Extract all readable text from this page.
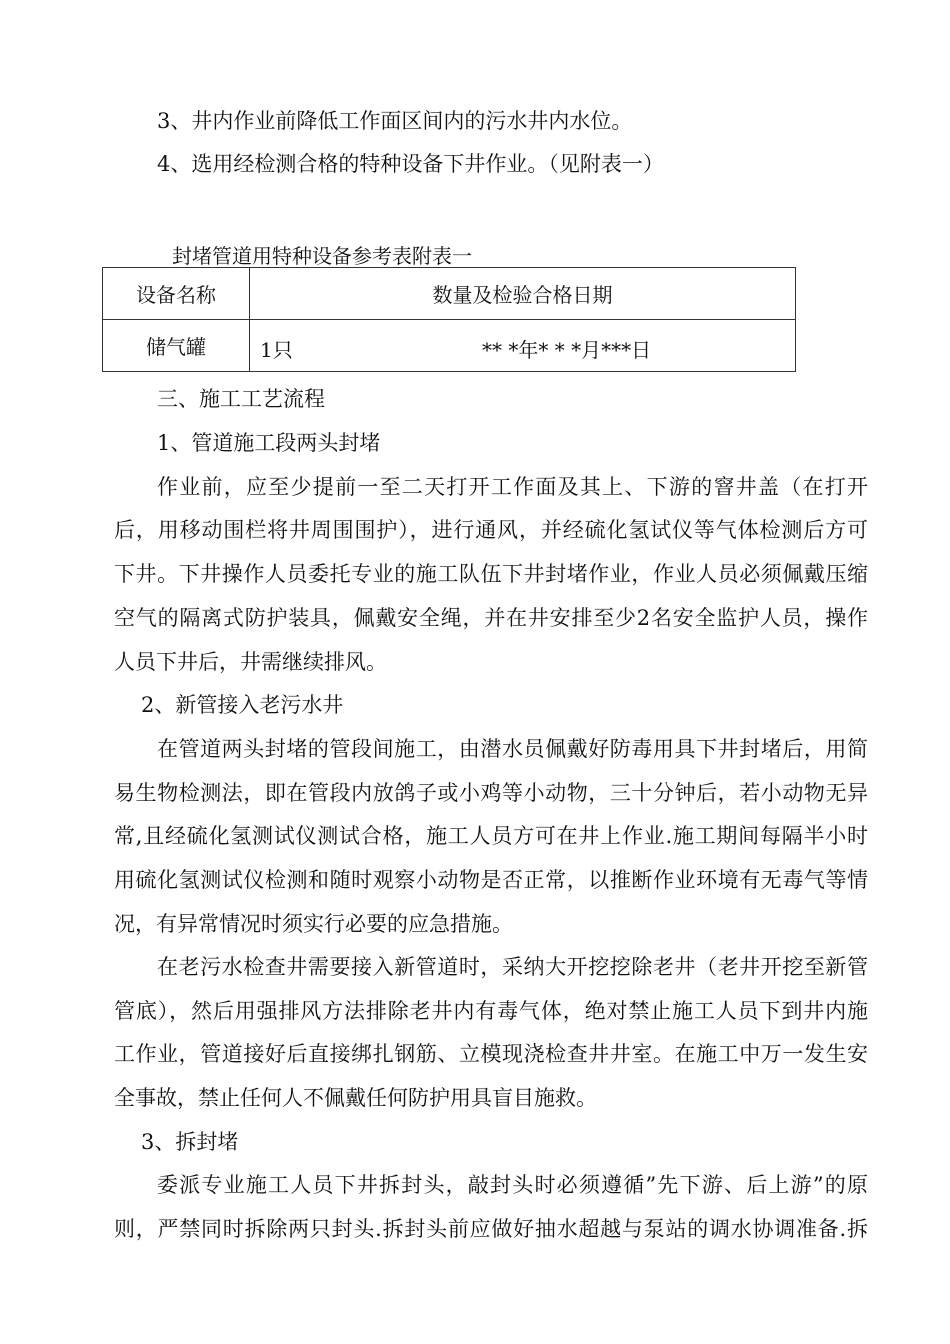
3、井内作业前降低工作面区间内的污水井内水位。
4、选用经检测合格的特种设备下井作业。（见附表一）
封堵管道用特种设备参考表附表一
设备名称	数量及检验合格日期
储气罐	1只 ** *年* * *月***日
三、施工工艺流程
1、管道施工段两头封堵
作业前，应至少提前一至二天打开工作面及其上、下游的窨井盖（在打开
后，用移动围栏将井周围围护），进行通风，并经硫化氢试仪等气体检测后方可
下井。下井操作人员委托专业的施工队伍下井封堵作业，作业人员必须佩戴压缩
空气的隔离式防护装具，佩戴安全绳，并在井安排至少2名安全监护人员，操作
人员下井后，井需继续排风。
2、新管接入老污水井
在管道两头封堵的管段间施工，由潜水员佩戴好防毒用具下井封堵后，用简
易生物检测法，即在管段内放鸽子或小鸡等小动物，三十分钟后，若小动物无异
常,且经硫化氢测试仪测试合格，施工人员方可在井上作业.施工期间每隔半小时
用硫化氢测试仪检测和随时观察小动物是否正常，以推断作业环境有无毒气等情
况，有异常情况时须实行必要的应急措施。
在老污水检查井需要接入新管道时，采纳大开挖挖除老井（老井开挖至新管
管底），然后用强排风方法排除老井内有毒气体，绝对禁止施工人员下到井内施
工作业，管道接好后直接绑扎钢筋、立模现浇检查井井室。在施工中万一发生安
全事故，禁止任何人不佩戴任何防护用具盲目施救。
3、拆封堵
委派专业施工人员下井拆封头，敲封头时必须遵循”先下游、后上游”的原
则，严禁同时拆除两只封头.拆封头前应做好抽水超越与泵站的调水协调准备.拆
